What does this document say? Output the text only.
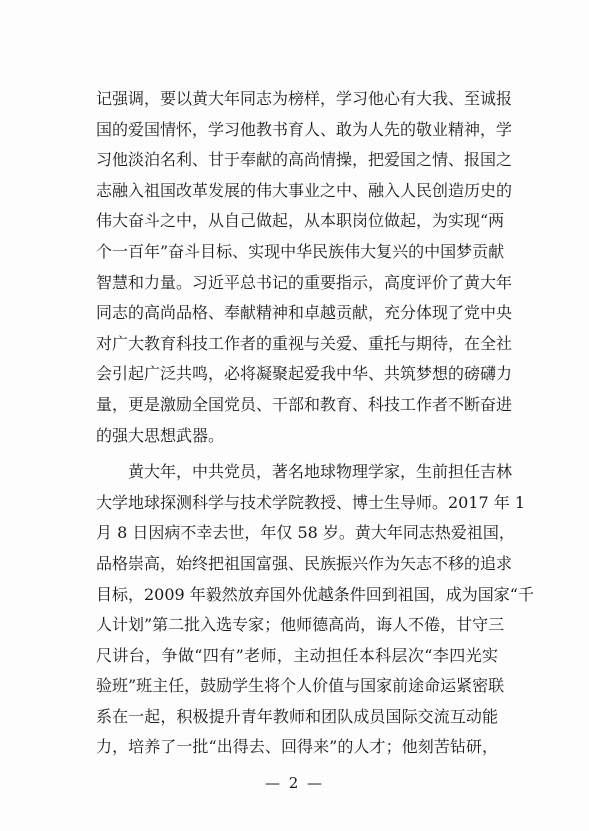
记强调，要以黄大年同志为榜样，学习他心有大我、至诚报
国的爱国情怀，学习他教书育人、敢为人先的敬业精神，学
习他淡泊名利、甘于奉献的高尚情操，把爱国之情、报国之
志融入祖国改革发展的伟大事业之中、融入人民创造历史的
伟大奋斗之中，从自己做起，从本职岗位做起，为实现“两
个一百年”奋斗目标、实现中华民族伟大复兴的中国梦贡献
智慧和力量。习近平总书记的重要指示，高度评价了黄大年
同志的高尚品格、奉献精神和卓越贡献，充分体现了党中央
对广大教育科技工作者的重视与关爱、重托与期待，在全社
会引起广泛共鸣，必将凝聚起爱我中华、共筑梦想的磅礴力
量，更是激励全国党员、干部和教育、科技工作者不断奋进
的强大思想武器。
黄大年，中共党员，著名地球物理学家，生前担任吉林
大学地球探测科学与技术学院教授、博士生导师。2017 年 1
月 8 日因病不幸去世，年仅 58 岁。黄大年同志热爱祖国，
品格崇高，始终把祖国富强、民族振兴作为矢志不移的追求
目标，2009 年毅然放弃国外优越条件回到祖国，成为国家“千
人计划”第二批入选专家；他师德高尚，诲人不倦，甘守三
尺讲台，争做“四有”老师，主动担任本科层次“李四光实
验班”班主任，鼓励学生将个人价值与国家前途命运紧密联
系在一起，积极提升青年教师和团队成员国际交流互动能
力，培养了一批“出得去、回得来”的人才；他刻苦钻研，
— 2 —
